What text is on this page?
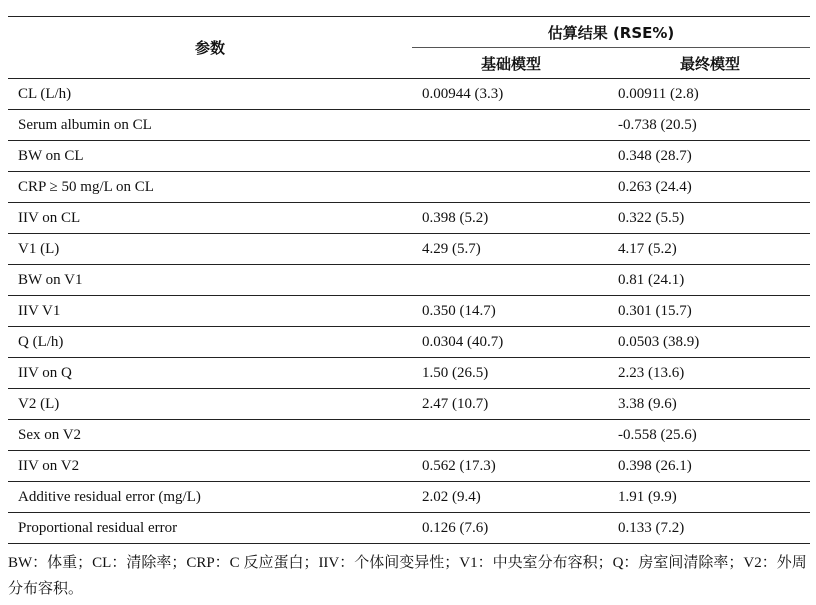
参数	估算结果 (RSE%)	
	基础模型	最终模型
CL (L/h)	0.00944 (3.3)	0.00911 (2.8)
Serum albumin on CL		-0.738 (20.5)
BW on CL		0.348 (28.7)
CRP ≥ 50 mg/L on CL		0.263 (24.4)
IIV on CL	0.398 (5.2)	0.322 (5.5)
V1 (L)	4.29 (5.7)	4.17 (5.2)
BW on V1		0.81 (24.1)
IIV V1	0.350 (14.7)	0.301 (15.7)
Q (L/h)	0.0304 (40.7)	0.0503 (38.9)
IIV on Q	1.50 (26.5)	2.23 (13.6)
V2 (L)	2.47 (10.7)	3.38 (9.6)
Sex on V2		-0.558 (25.6)
IIV on V2	0.562 (17.3)	0.398 (26.1)
Additive residual error (mg/L)	2.02 (9.4)	1.91 (9.9)
Proportional residual error	0.126 (7.6)	0.133 (7.2)
BW：体重；CL：清除率；CRP：C 反应蛋白；IIV：个体间变异性；V1：中央室分布容积；Q：房室间清除率；V2：外周分布容积。
